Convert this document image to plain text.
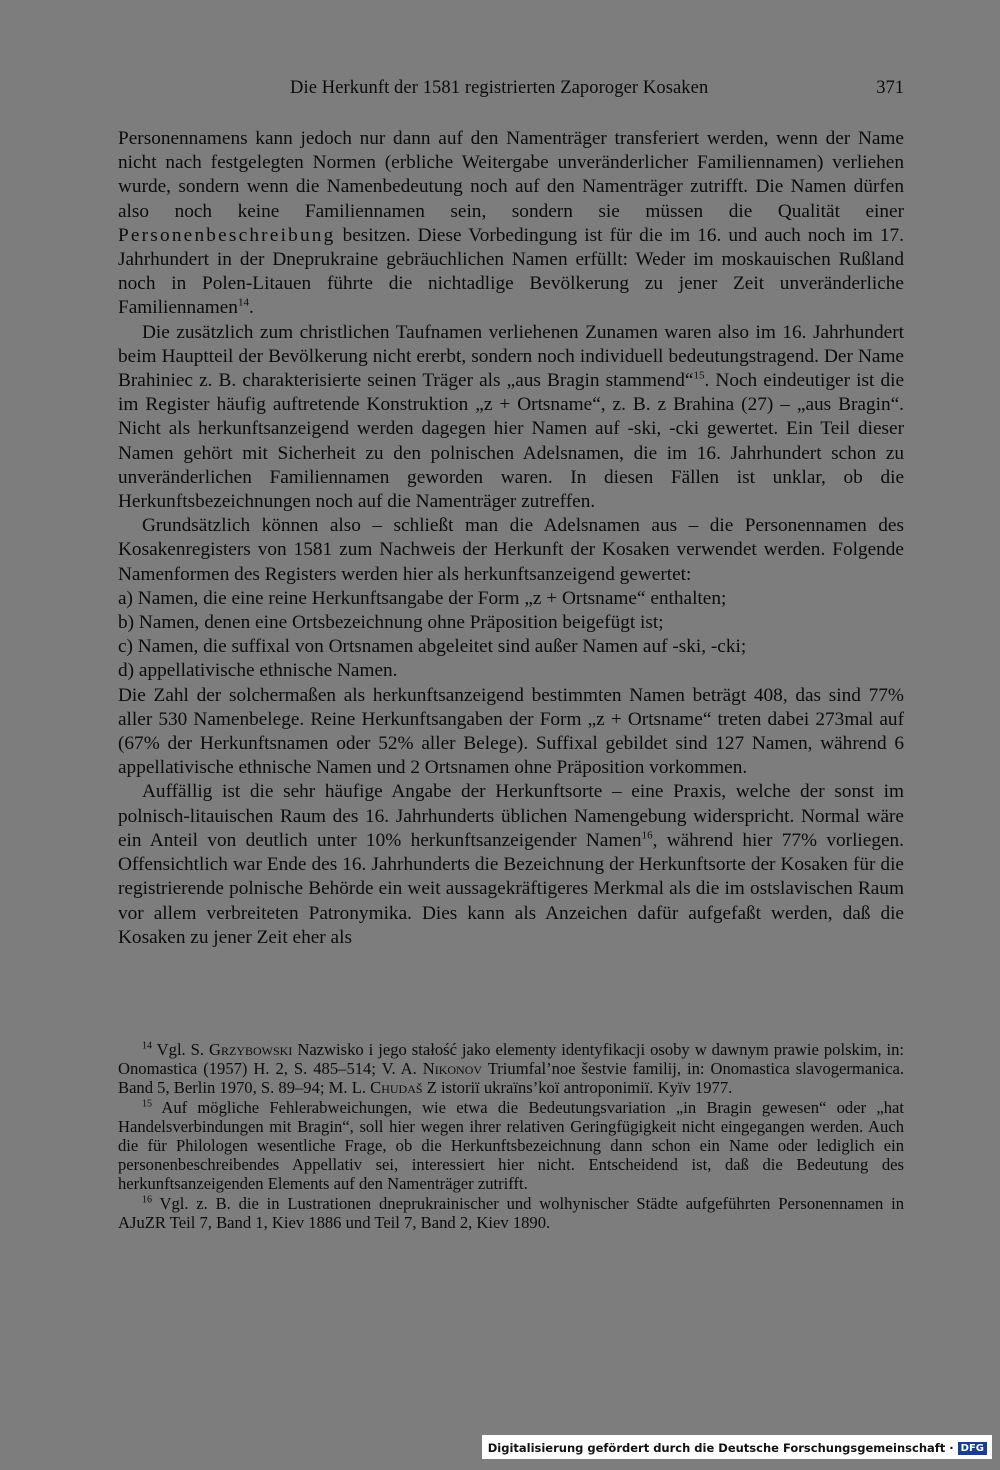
Die Herkunft der 1581 registrierten Zaporoger Kosaken	371

Personennamens kann jedoch nur dann auf den Namenträger transferiert werden, wenn der Name nicht nach festgelegten Normen (erbliche Weitergabe unveränderlicher Familiennamen) verliehen wurde, sondern wenn die Namenbedeutung noch auf den Namenträger zutrifft. Die Namen dürfen also noch keine Familiennamen sein, sondern sie müssen die Qualität einer Personenbeschreibung besitzen. Diese Vorbedingung ist für die im 16. und auch noch im 17. Jahrhundert in der Dneprukraine gebräuchlichen Namen erfüllt: Weder im moskauischen Rußland noch in Polen-Litauen führte die nichtadlige Bevölkerung zu jener Zeit unveränderliche Familiennamen$^{14}$.

Die zusätzlich zum christlichen Taufnamen verliehenen Zunamen waren also im 16. Jahrhundert beim Hauptteil der Bevölkerung nicht ererbt, sondern noch individuell bedeutungstragend. Der Name Brahiniec z. B. charakterisierte seinen Träger als „aus Bragin stammend“$^{15}$. Noch eindeutiger ist die im Register häufig auftretende Konstruktion „z + Ortsname“, z. B. z Brahina (27) – „aus Bragin“. Nicht als herkunftsanzeigend werden dagegen hier Namen auf -ski, -cki gewertet. Ein Teil dieser Namen gehört mit Sicherheit zu den polnischen Adelsnamen, die im 16. Jahrhundert schon zu unveränderlichen Familiennamen geworden waren. In diesen Fällen ist unklar, ob die Herkunftsbezeichnungen noch auf die Namenträger zutreffen.

Grundsätzlich können also – schließt man die Adelsnamen aus – die Personennamen des Kosakenregisters von 1581 zum Nachweis der Herkunft der Kosaken verwendet werden. Folgende Namenformen des Registers werden hier als herkunftsanzeigend gewertet:

a) Namen, die eine reine Herkunftsangabe der Form „z + Ortsname“ enthalten;

b) Namen, denen eine Ortsbezeichnung ohne Präposition beigefügt ist;

c) Namen, die suffixal von Ortsnamen abgeleitet sind außer Namen auf -ski, -cki;

d) appellativische ethnische Namen.

Die Zahl der solchermaßen als herkunftsanzeigend bestimmten Namen beträgt 408, das sind 77% aller 530 Namenbelege. Reine Herkunftsangaben der Form „z + Ortsname“ treten dabei 273mal auf (67% der Herkunftsnamen oder 52% aller Belege). Suffixal gebildet sind 127 Namen, während 6 appellativische ethnische Namen und 2 Ortsnamen ohne Präposition vorkommen.

Auffällig ist die sehr häufige Angabe der Herkunftsorte – eine Praxis, welche der sonst im polnisch-litauischen Raum des 16. Jahrhunderts üblichen Namengebung widerspricht. Normal wäre ein Anteil von deutlich unter 10% herkunftsanzeigender Namen$^{16}$, während hier 77% vorliegen. Offensichtlich war Ende des 16. Jahrhunderts die Bezeichnung der Herkunftsorte der Kosaken für die registrierende polnische Behörde ein weit aussagekräftigeres Merkmal als die im ostslavischen Raum vor allem verbreiteten Patronymika. Dies kann als Anzeichen dafür aufgefaßt werden, daß die Kosaken zu jener Zeit eher als

$^{14}$ Vgl. S. Grzybowski Nazwisko i jego stałość jako elementy identyfikacji osoby w dawnym prawie polskim, in: Onomastica (1957) H. 2, S. 485–514; V. A. Nikonov Triumfal’noe šestvie familij, in: Onomastica slavogermanica. Band 5, Berlin 1970, S. 89–94; M. L. Chudaš Z istoriï ukraïns’koï antroponimiï. Kyïv 1977.

$^{15}$ Auf mögliche Fehlerabweichungen, wie etwa die Bedeutungsvariation „in Bragin gewesen“ oder „hat Handelsverbindungen mit Bragin“, soll hier wegen ihrer relativen Geringfügigkeit nicht eingegangen werden. Auch die für Philologen wesentliche Frage, ob die Herkunftsbezeichnung dann schon ein Name oder lediglich ein personenbeschreibendes Appellativ sei, interessiert hier nicht. Entscheidend ist, daß die Bedeutung des herkunftsanzeigenden Elements auf den Namenträger zutrifft.

$^{16}$ Vgl. z. B. die in Lustrationen dneprukrainischer und wolhynischer Städte aufgeführten Personennamen in AJuZR Teil 7, Band 1, Kiev 1886 und Teil 7, Band 2, Kiev 1890.

Digitalisierung gefördert durch die Deutsche Forschungsgemeinschaft · DFG
